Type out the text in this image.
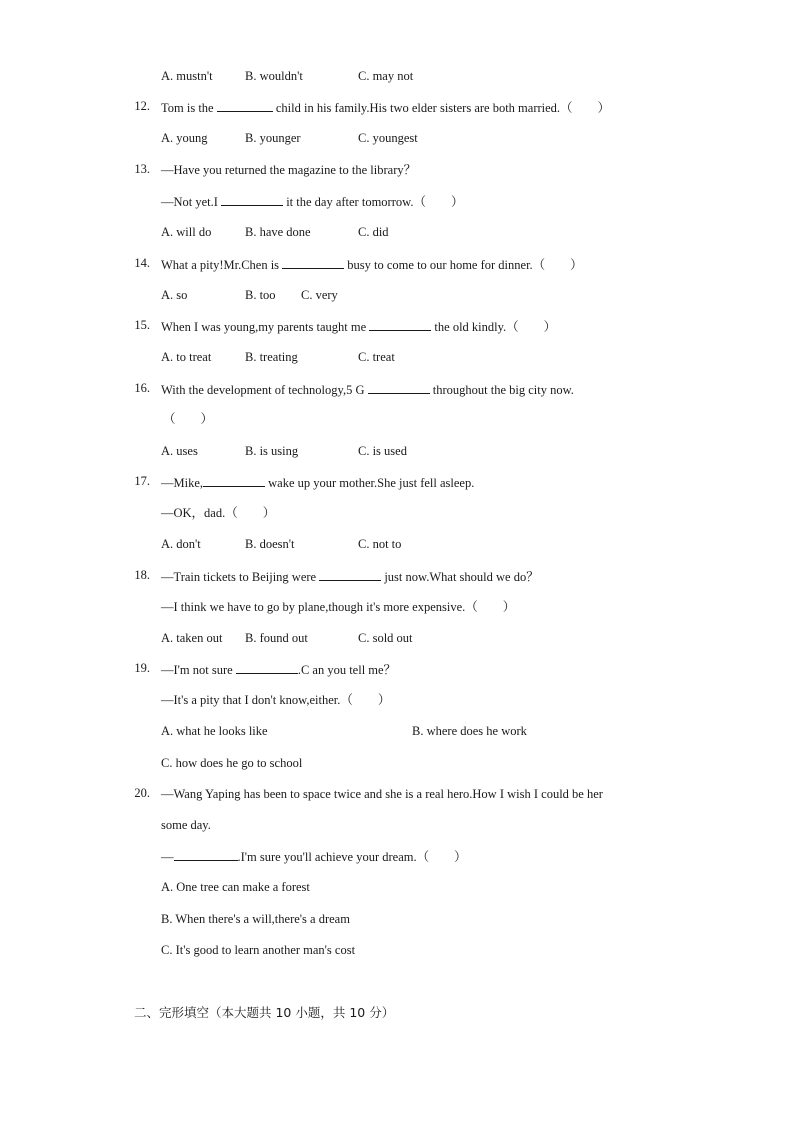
A. mustn't	B. wouldn't	C. may not
12. Tom is the	child in his family.His two elder sisters are both married.（　　）
A. young	B. younger	C. youngest
13. —Have you returned the magazine to the library？
—Not yet.I	it the day after tomorrow.（　　）
A. will do	B. have done	C. did
14. What a pity!Mr.Chen is	busy to come to our home for dinner.（　　）
A. so	B. too C. very
15. When I was young,my parents taught me	the old kindly.（　　）
A. to treat	B. treating	C. treat
16. With the development of technology,5 G	throughout the big city now.
（　　）
A. uses	B. is using	C. is used
17. —Mike,	wake up your mother.She just fell asleep.
—OK，dad.（　　）
A. don't	B. doesn't	C. not to
18. —Train tickets to Beijing were	just now.What should we do？
—I think we have to go by plane,though it's more expensive.（　　）
A. taken out B. found out	C. sold out
19. —I'm not sure	.C an you tell me？
—It's a pity that I don't know,either.（　　）
A. what he looks like	B. where does he work
C. how does he go to school
20. —Wang Yaping has been to space twice and she is a real hero.How I wish I could be her
some day.
—	.I'm sure you'll achieve your dream.（　　）
A. One tree can make a forest
B. When there's a will,there's a dream
C. It's good to learn another man's cost
二、完形填空（本大题共 10 小题，共 10 分）
